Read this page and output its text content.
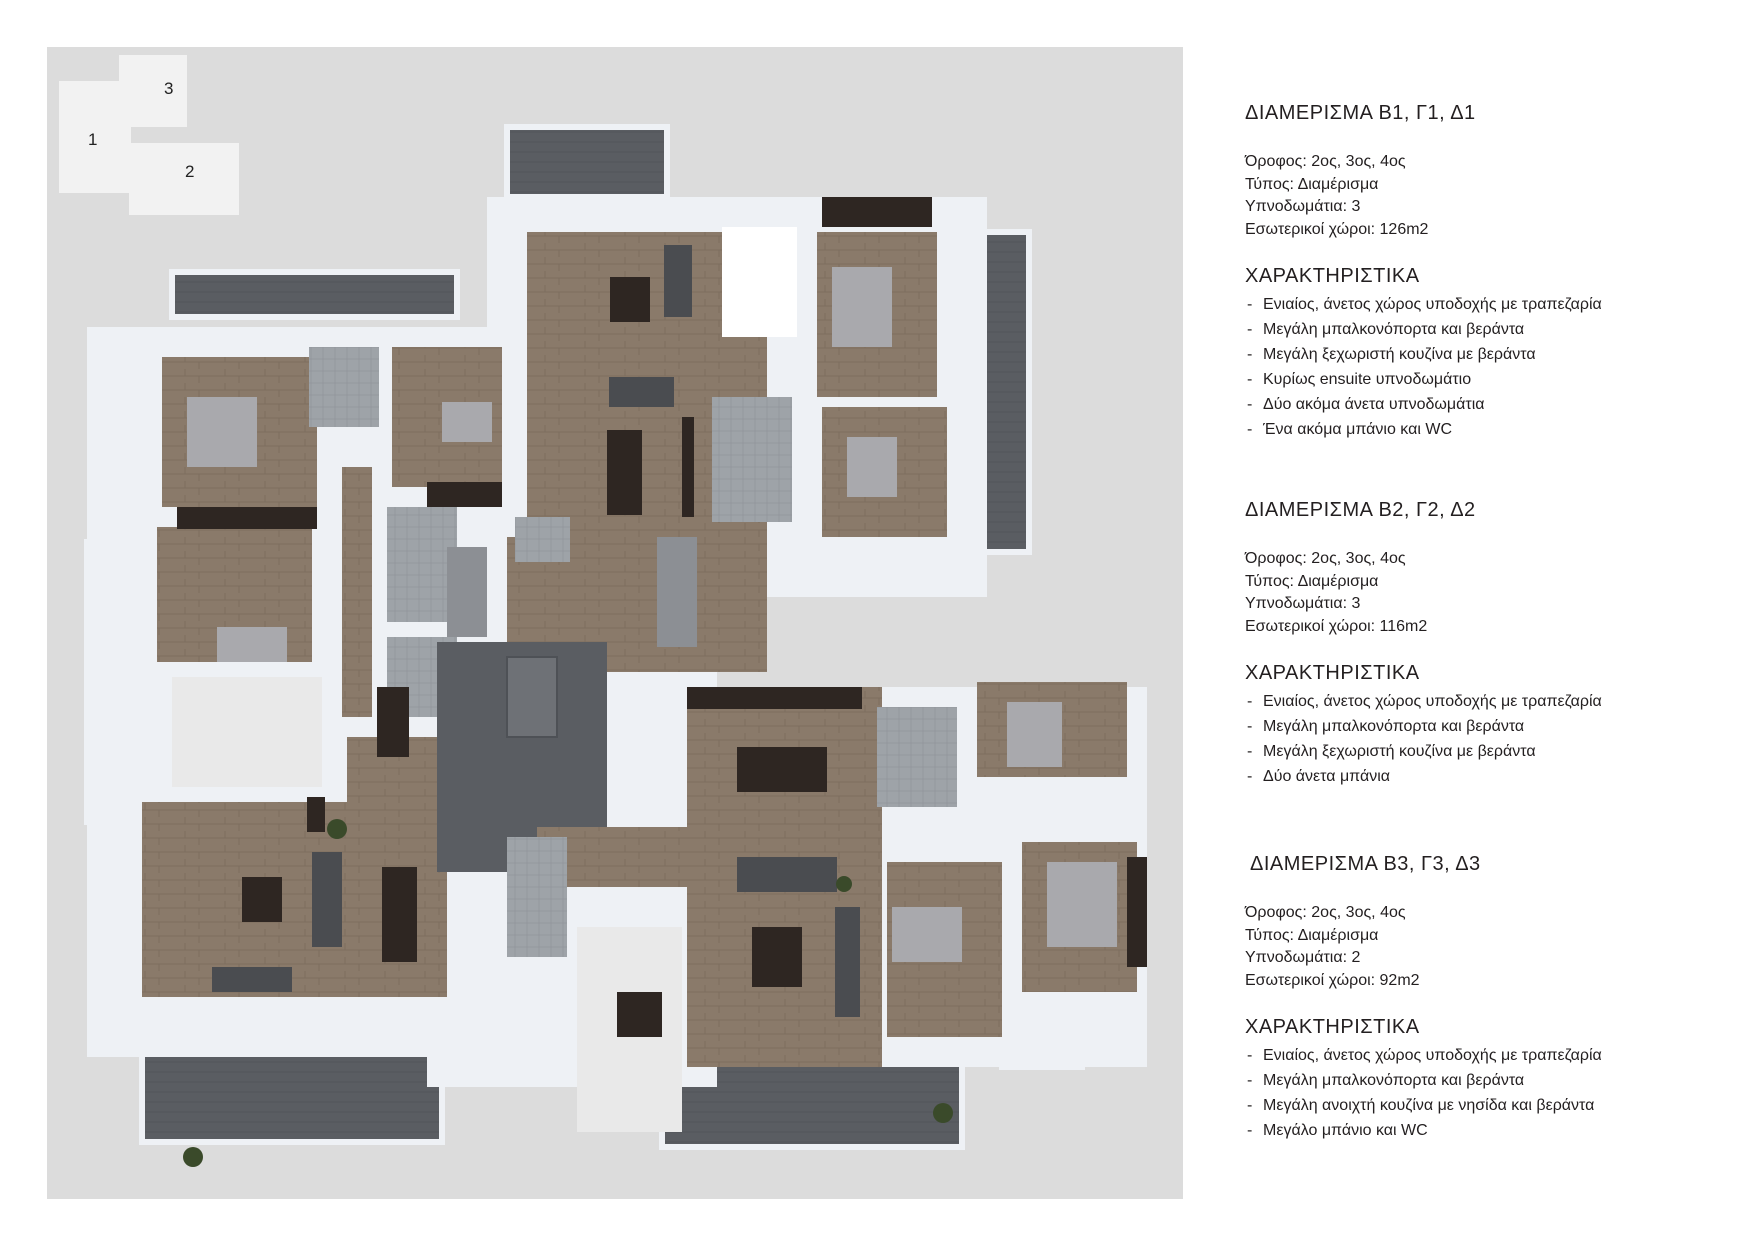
3
1
2
ΔΙΑΜΕΡΙΣΜΑ Β1, Γ1, Δ1
Όροφος: 2ος, 3ος, 4ος
Τύπος: Διαμέρισμα
Υπνοδωμάτια: 3
Εσωτερικοί χώροι: 126m2
ΧΑΡΑΚΤΗΡΙΣΤΙΚΑ
- Ενιαίος, άνετος χώρος υποδοχής με τραπεζαρία
- Μεγάλη μπαλκονόπορτα και βεράντα
- Μεγάλη ξεχωριστή κουζίνα με βεράντα
- Κυρίως ensuite υπνοδωμάτιο
- Δύο ακόμα άνετα υπνοδωμάτια
- Ένα ακόμα μπάνιο και WC
ΔΙΑΜΕΡΙΣΜΑ Β2, Γ2, Δ2
Όροφος: 2ος, 3ος, 4ος
Τύπος: Διαμέρισμα
Υπνοδωμάτια: 3
Εσωτερικοί χώροι: 116m2
ΧΑΡΑΚΤΗΡΙΣΤΙΚΑ
- Ενιαίος, άνετος χώρος υποδοχής με τραπεζαρία
- Μεγάλη μπαλκονόπορτα και βεράντα
- Μεγάλη ξεχωριστή κουζίνα με βεράντα
- Δύο άνετα μπάνια
ΔΙΑΜΕΡΙΣΜΑ Β3, Γ3, Δ3
Όροφος: 2ος, 3ος, 4ος
Τύπος: Διαμέρισμα
Υπνοδωμάτια: 2
Εσωτερικοί χώροι: 92m2
ΧΑΡΑΚΤΗΡΙΣΤΙΚΑ
- Ενιαίος, άνετος χώρος υποδοχής με τραπεζαρία
- Μεγάλη μπαλκονόπορτα και βεράντα
- Μεγάλη ανοιχτή κουζίνα με νησίδα και βεράντα
- Μεγάλο μπάνιο και WC
